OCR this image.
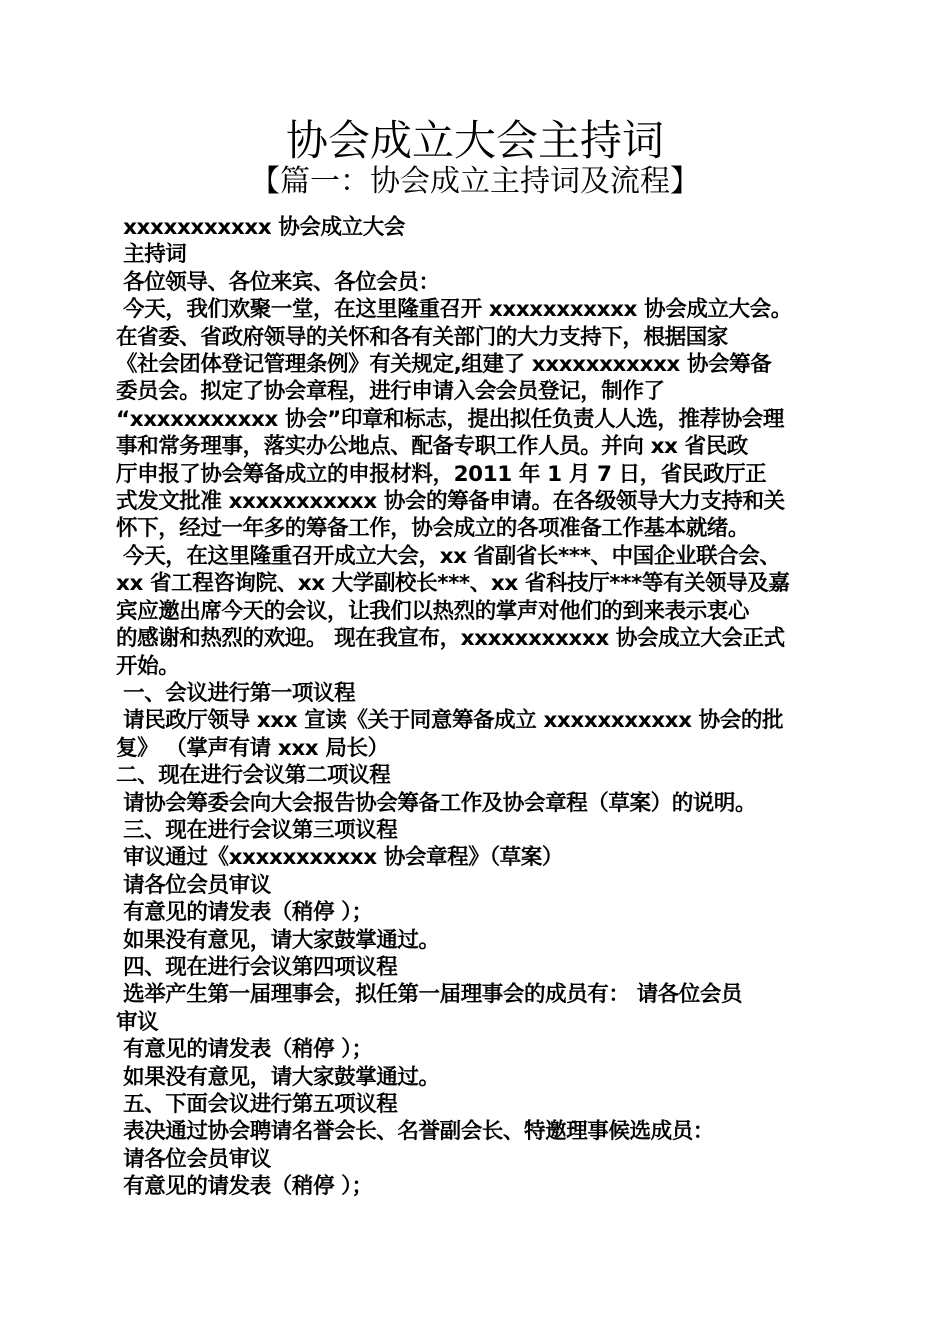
协会成立大会主持词
【篇一：协会成立主持词及流程】

xxxxxxxxxxx 协会成立大会

主持词

各位领导、各位来宾、各位会员：

今天，我们欢聚一堂，在这里隆重召开 xxxxxxxxxxx 协会成立大会。

在省委、省政府领导的关怀和各有关部门的大力支持下，根据国家

《社会团体登记管理条例》有关规定,组建了 xxxxxxxxxxx 协会筹备

委员会。拟定了协会章程，进行申请入会会员登记，制作了

“xxxxxxxxxxx 协会”印章和标志，提出拟任负责人人选，推荐协会理

事和常务理事，落实办公地点、配备专职工作人员。并向 xx 省民政

厅申报了协会筹备成立的申报材料，2011 年 1 月 7 日，省民政厅正

式发文批准 xxxxxxxxxxx 协会的筹备申请。在各级领导大力支持和关

怀下，经过一年多的筹备工作，协会成立的各项准备工作基本就绪。

今天，在这里隆重召开成立大会，xx 省副省长***、中国企业联合会、

xx 省工程咨询院、xx 大学副校长***、xx 省科技厅***等有关领导及嘉

宾应邀出席今天的会议，让我们以热烈的掌声对他们的到来表示衷心

的感谢和热烈的欢迎。 现在我宣布，xxxxxxxxxxx 协会成立大会正式

开始。

一、会议进行第一项议程

请民政厅领导 xxx 宣读《关于同意筹备成立 xxxxxxxxxxx 协会的批

复》 （掌声有请 xxx 局长）

二、现在进行会议第二项议程

请协会筹委会向大会报告协会筹备工作及协会章程（草案）的说明。

三、现在进行会议第三项议程

审议通过《xxxxxxxxxxx 协会章程》（草案）

请各位会员审议

有意见的请发表（稍停 ）；

如果没有意见，请大家鼓掌通过。

四、现在进行会议第四项议程

选举产生第一届理事会，拟任第一届理事会的成员有： 请各位会员

审议

有意见的请发表（稍停 ）；

如果没有意见，请大家鼓掌通过。

五、下面会议进行第五项议程

表决通过协会聘请名誉会长、名誉副会长、特邀理事候选成员：

请各位会员审议

有意见的请发表（稍停 ）；
